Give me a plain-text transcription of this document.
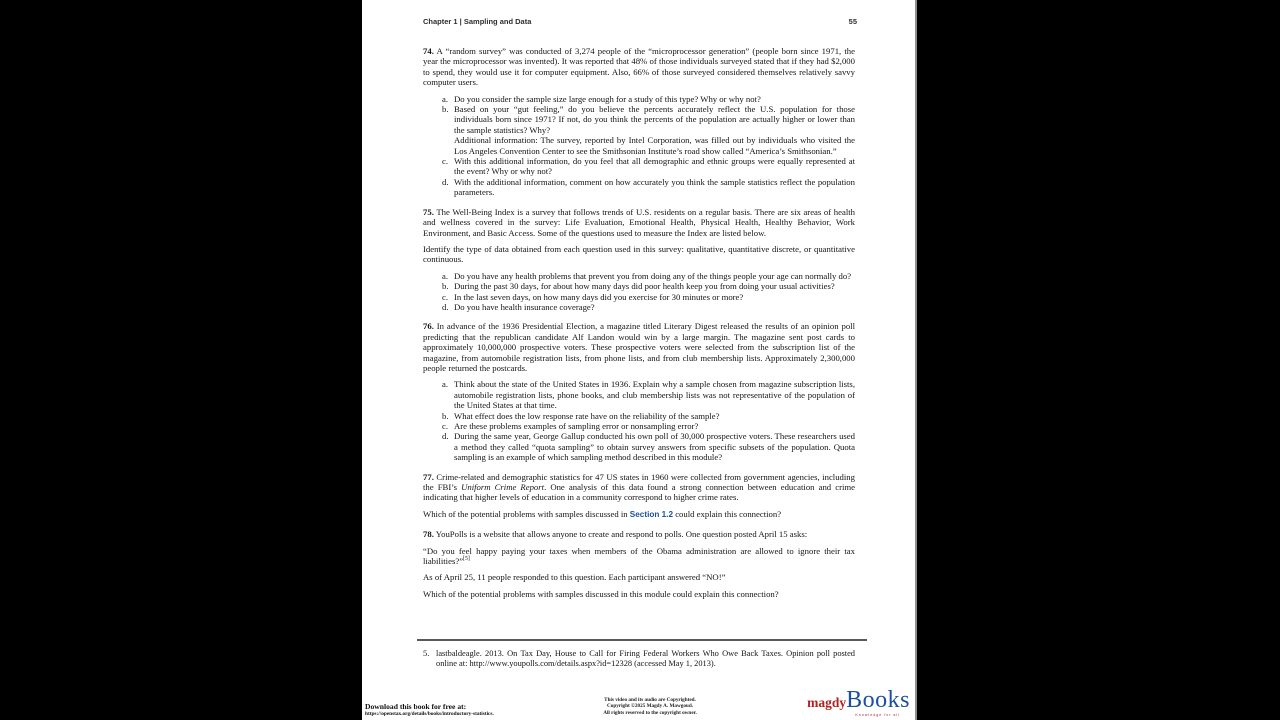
Chapter 1 | Sampling and Data	55
74. A “random survey” was conducted of 3,274 people of the “microprocessor generation” (people born since 1971, the year the microprocessor was invented). It was reported that 48% of those individuals surveyed stated that if they had $2,000 to spend, they would use it for computer equipment. Also, 66% of those surveyed considered themselves relatively savvy computer users.
a. Do you consider the sample size large enough for a study of this type? Why or why not?
b. Based on your “gut feeling,” do you believe the percents accurately reflect the U.S. population for those individuals born since 1971? If not, do you think the percents of the population are actually higher or lower than the sample statistics? Why?
Additional information: The survey, reported by Intel Corporation, was filled out by individuals who visited the Los Angeles Convention Center to see the Smithsonian Institute’s road show called “America’s Smithsonian.”
c. With this additional information, do you feel that all demographic and ethnic groups were equally represented at the event? Why or why not?
d. With the additional information, comment on how accurately you think the sample statistics reflect the population parameters.
75. The Well-Being Index is a survey that follows trends of U.S. residents on a regular basis. There are six areas of health and wellness covered in the survey: Life Evaluation, Emotional Health, Physical Health, Healthy Behavior, Work Environment, and Basic Access. Some of the questions used to measure the Index are listed below.
Identify the type of data obtained from each question used in this survey: qualitative, quantitative discrete, or quantitative continuous.
a. Do you have any health problems that prevent you from doing any of the things people your age can normally do?
b. During the past 30 days, for about how many days did poor health keep you from doing your usual activities?
c. In the last seven days, on how many days did you exercise for 30 minutes or more?
d. Do you have health insurance coverage?
76. In advance of the 1936 Presidential Election, a magazine titled Literary Digest released the results of an opinion poll predicting that the republican candidate Alf Landon would win by a large margin. The magazine sent post cards to approximately 10,000,000 prospective voters. These prospective voters were selected from the subscription list of the magazine, from automobile registration lists, from phone lists, and from club membership lists. Approximately 2,300,000 people returned the postcards.
a. Think about the state of the United States in 1936. Explain why a sample chosen from magazine subscription lists, automobile registration lists, phone books, and club membership lists was not representative of the population of the United States at that time.
b. What effect does the low response rate have on the reliability of the sample?
c. Are these problems examples of sampling error or nonsampling error?
d. During the same year, George Gallup conducted his own poll of 30,000 prospective voters. These researchers used a method they called “quota sampling” to obtain survey answers from specific subsets of the population. Quota sampling is an example of which sampling method described in this module?
77. Crime-related and demographic statistics for 47 US states in 1960 were collected from government agencies, including the FBI’s Uniform Crime Report. One analysis of this data found a strong connection between education and crime indicating that higher levels of education in a community correspond to higher crime rates.
Which of the potential problems with samples discussed in Section 1.2 could explain this connection?
78. YouPolls is a website that allows anyone to create and respond to polls. One question posted April 15 asks:
“Do you feel happy paying your taxes when members of the Obama administration are allowed to ignore their tax liabilities?”[5]
As of April 25, 11 people responded to this question. Each participant answered “NO!”
Which of the potential problems with samples discussed in this module could explain this connection?
5. lastbaldeagle. 2013. On Tax Day, House to Call for Firing Federal Workers Who Owe Back Taxes. Opinion poll posted online at: http://www.youpolls.com/details.aspx?id=12328 (accessed May 1, 2013).
Download this book for free at:
https://openstax.org/details/books/introductory-statistics.
This video and its audio are Copyrighted.
Copyright ©2025 Magdy A. Mawgoud.
All rights reserved to the copyright owner.
magdy Books
Knowledge for all
